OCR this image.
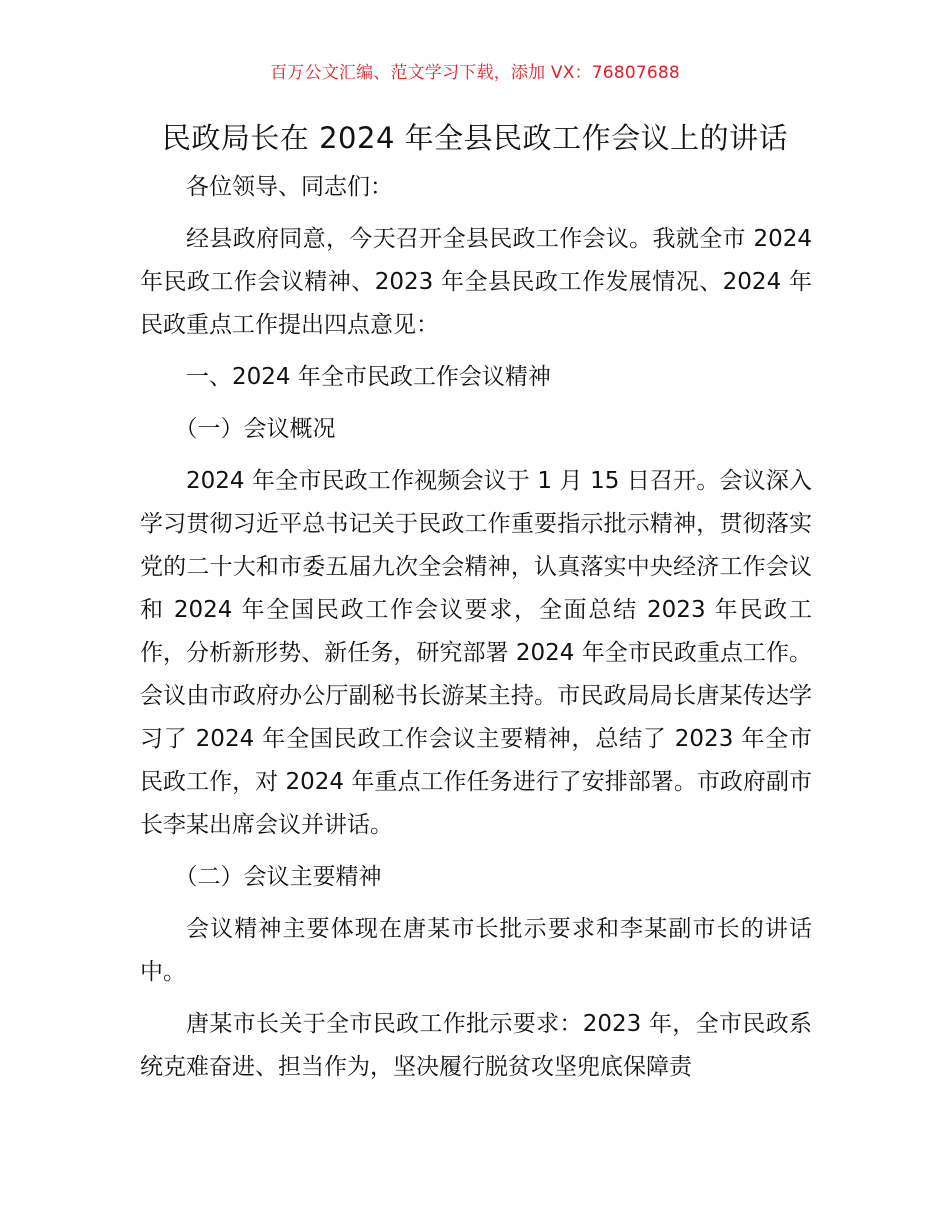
百万公文汇编、范文学习下载，添加 VX：76807688
民政局长在 2024 年全县民政工作会议上的讲话

各位领导、同志们：

经县政府同意，今天召开全县民政工作会议。我就全市 2024 年民政工作会议精神、2023 年全县民政工作发展情况、2024 年民政重点工作提出四点意见：

一、2024 年全市民政工作会议精神

（一）会议概况

2024 年全市民政工作视频会议于 1 月 15 日召开。会议深入学习贯彻习近平总书记关于民政工作重要指示批示精神，贯彻落实党的二十大和市委五届九次全会精神，认真落实中央经济工作会议和 2024 年全国民政工作会议要求，全面总结 2023 年民政工作，分析新形势、新任务，研究部署 2024 年全市民政重点工作。会议由市政府办公厅副秘书长游某主持。市民政局局长唐某传达学习了 2024 年全国民政工作会议主要精神，总结了 2023 年全市民政工作，对 2024 年重点工作任务进行了安排部署。市政府副市长李某出席会议并讲话。

（二）会议主要精神

会议精神主要体现在唐某市长批示要求和李某副市长的讲话中。

唐某市长关于全市民政工作批示要求：2023 年，全市民政系统克难奋进、担当作为，坚决履行脱贫攻坚兜底保障责
